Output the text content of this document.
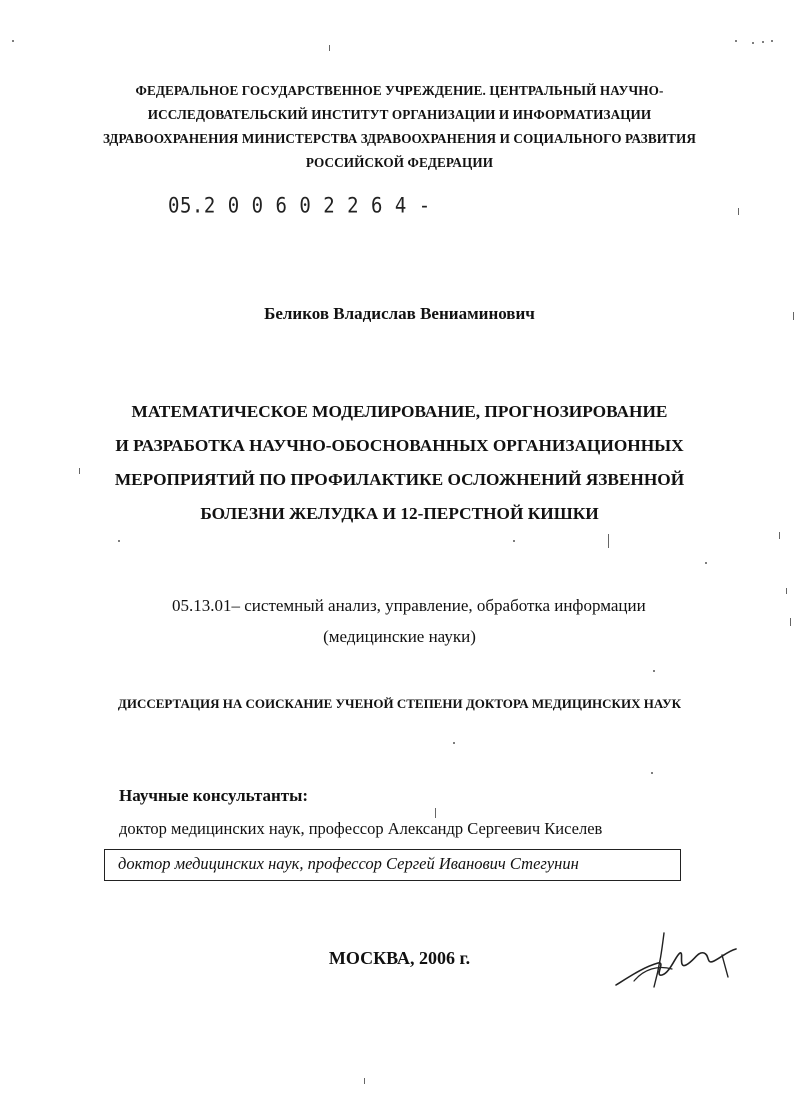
ФЕДЕРАЛЬНОЕ ГОСУДАРСТВЕННОЕ УЧРЕЖДЕНИЕ. ЦЕНТРАЛЬНЫЙ НАУЧНО-
ИССЛЕДОВАТЕЛЬСКИЙ ИНСТИТУТ ОРГАНИЗАЦИИ И ИНФОРМАТИЗАЦИИ
ЗДРАВООХРАНЕНИЯ МИНИСТЕРСТВА ЗДРАВООХРАНЕНИЯ И СОЦИАЛЬНОГО РАЗВИТИЯ
РОССИЙСКОЙ ФЕДЕРАЦИИ
05.2 0 0 6 0 2 2 6 4 -
Беликов Владислав Вениаминович
МАТЕМАТИЧЕСКОЕ МОДЕЛИРОВАНИЕ, ПРОГНОЗИРОВАНИЕ
И РАЗРАБОТКА НАУЧНО-ОБОСНОВАННЫХ ОРГАНИЗАЦИОННЫХ
МЕРОПРИЯТИЙ ПО ПРОФИЛАКТИКЕ ОСЛОЖНЕНИЙ ЯЗВЕННОЙ
БОЛЕЗНИ ЖЕЛУДКА И 12-ПЕРСТНОЙ КИШКИ
05.13.01– системный анализ, управление, обработка информации
(медицинские науки)
ДИССЕРТАЦИЯ НА СОИСКАНИЕ УЧЕНОЙ СТЕПЕНИ ДОКТОРА МЕДИЦИНСКИХ НАУК
Научные консультанты:
доктор медицинских наук, профессор Александр Сергеевич Киселев
доктор медицинских наук, профессор Сергей Иванович Стегунин
МОСКВА, 2006 г.
